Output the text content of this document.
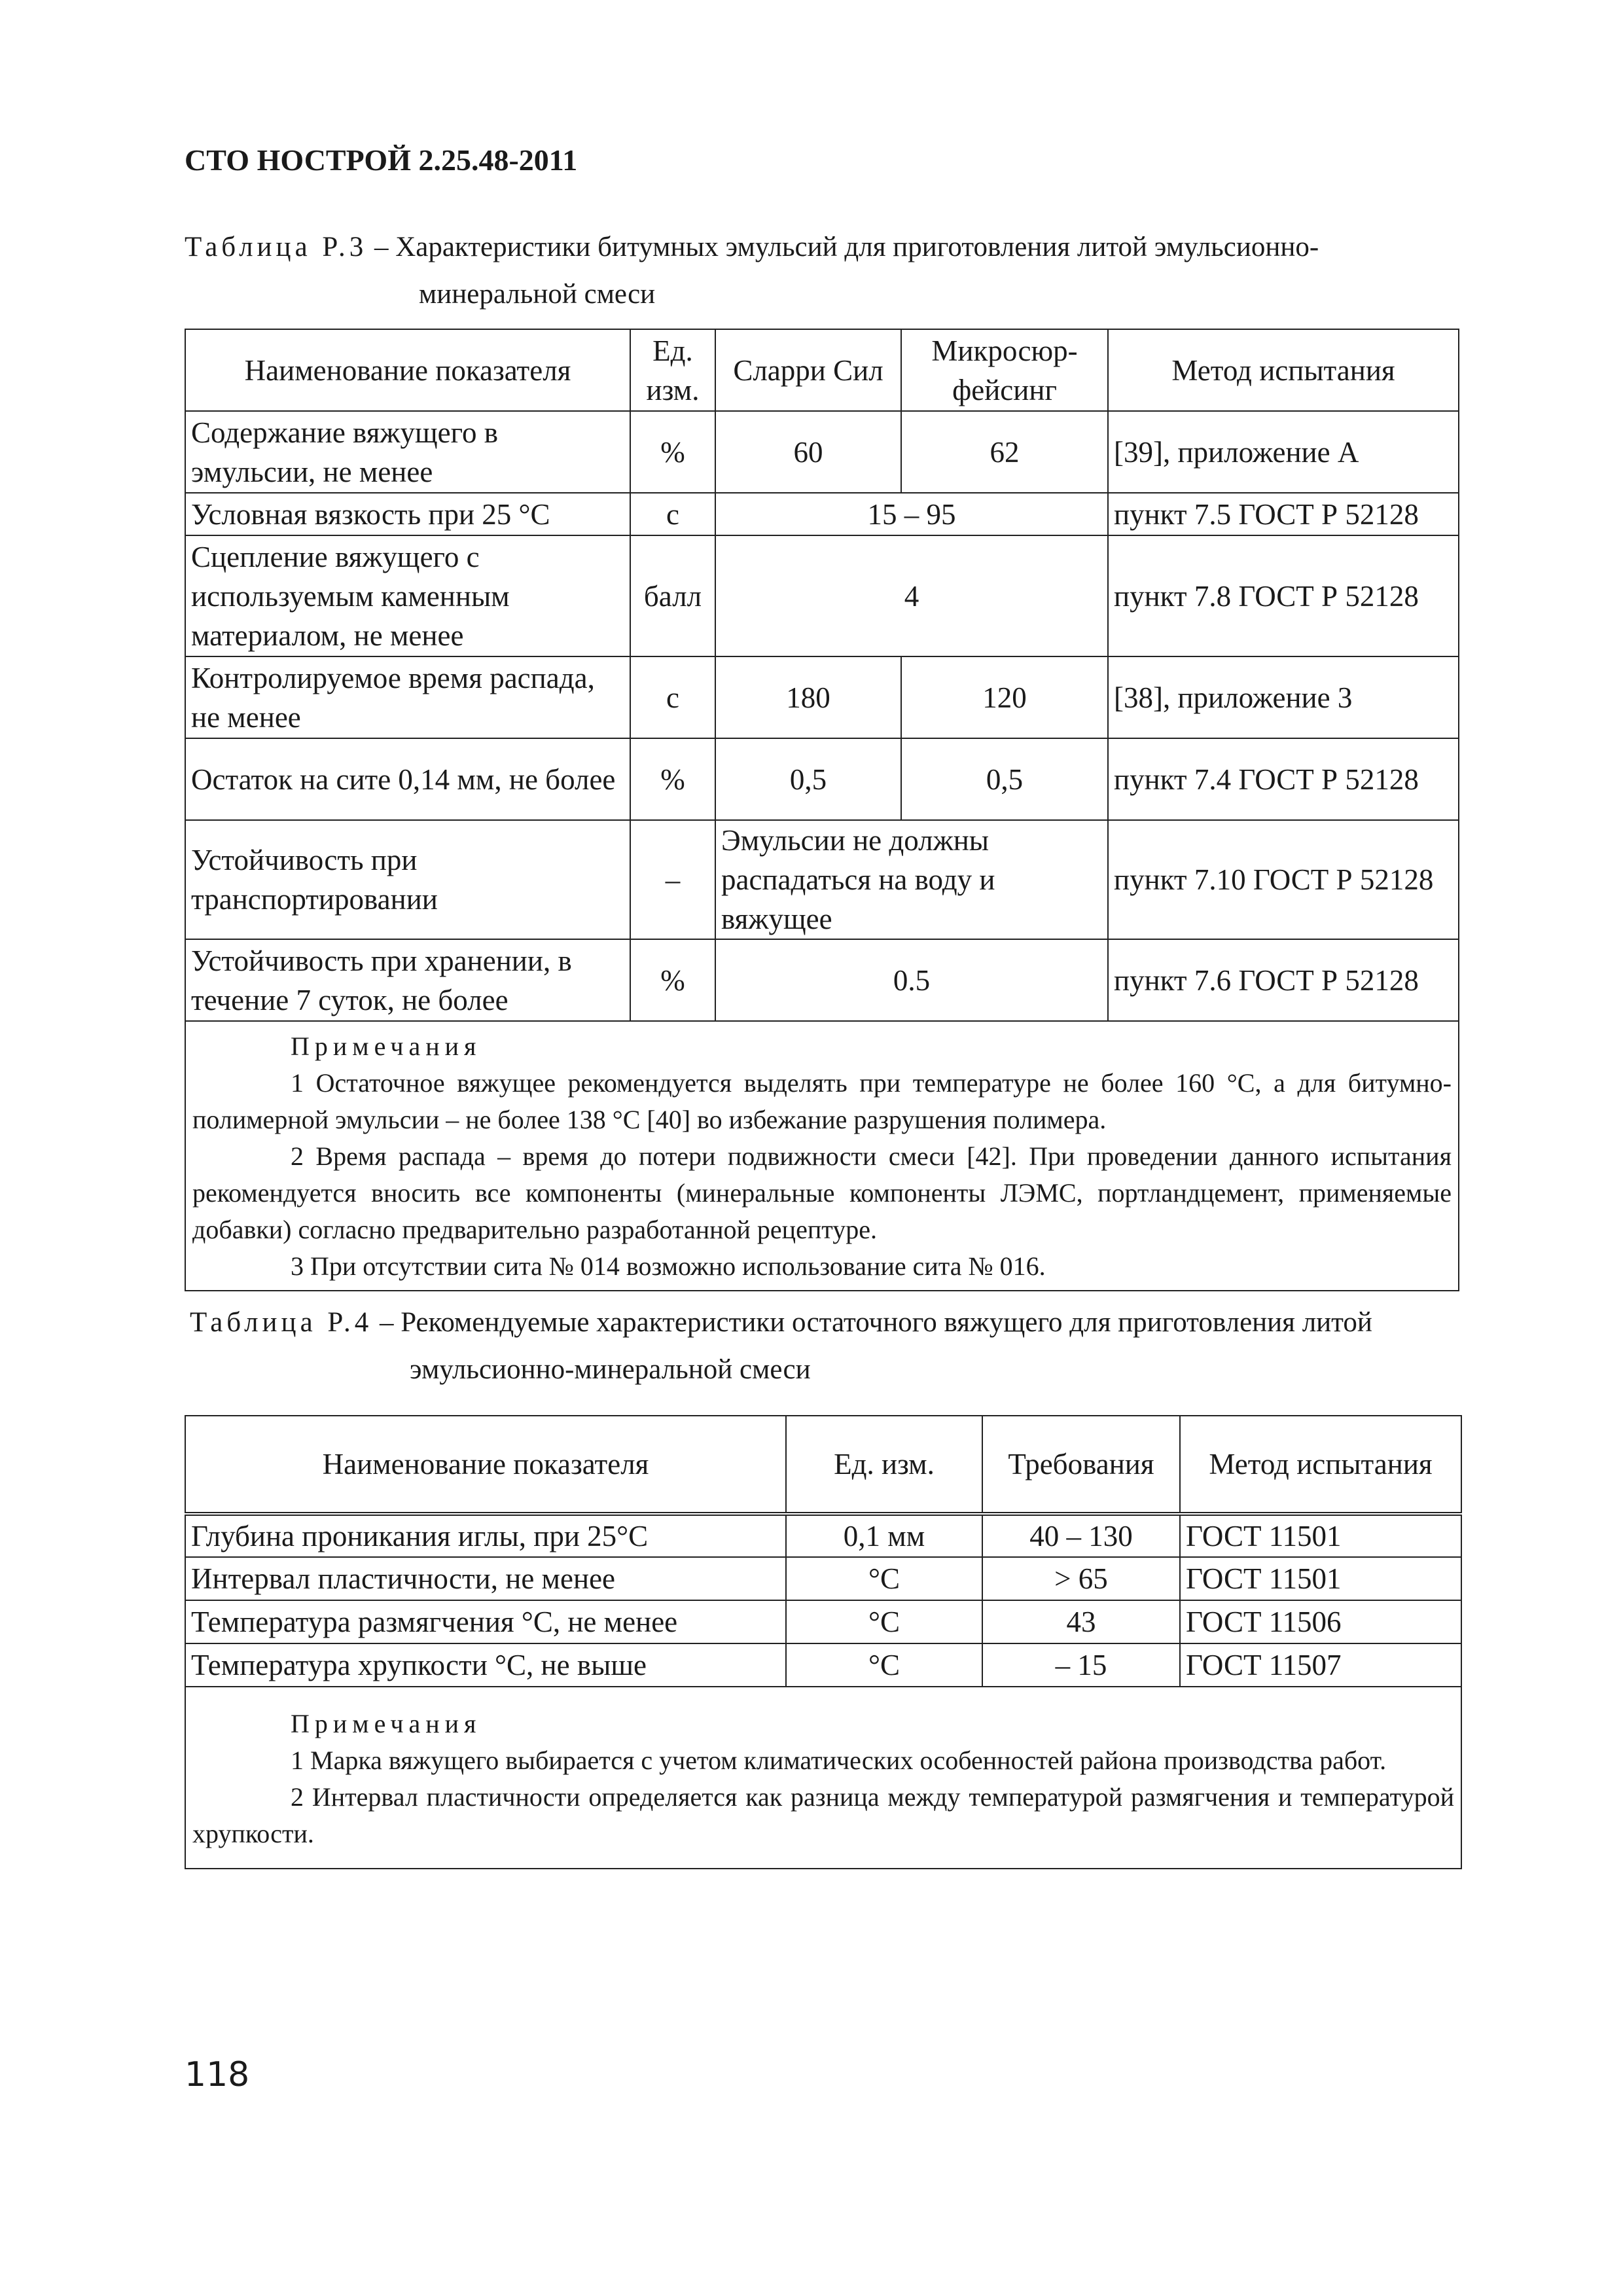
СТО НОСТРОЙ 2.25.48-2011
Таблица Р.3 – Характеристики битумных эмульсий для приготовления литой эмульсионно-
минеральной смеси
Наименование показателя	Ед. изм.	Сларри Сил	Микросюр-фейсинг	Метод испытания
Содержание вяжущего в эмульсии, не менее	%	60	62	[39], приложение А
Условная вязкость при 25 °С	с	15 – 95		пункт 7.5 ГОСТ Р 52128
Сцепление вяжущего с используемым каменным материалом, не менее	балл	4		пункт 7.8 ГОСТ Р 52128
Контролируемое время распада, не менее	с	180	120	[38], приложение 3
Остаток на сите 0,14 мм, не более	%	0,5	0,5	пункт 7.4 ГОСТ Р 52128
Устойчивость при транспортировании	–	Эмульсии не должны распадаться на воду и вяжущее		пункт 7.10 ГОСТ Р 52128
Устойчивость при хранении, в течение 7 суток, не более	%	0.5		пункт 7.6 ГОСТ Р 52128

Примечания
1 Остаточное вяжущее рекомендуется выделять при температуре не более 160 °С, а для битумно-полимерной эмульсии – не более 138 °С [40] во избежание разрушения полимера.
2 Время распада – время до потери подвижности смеси [42]. При проведении данного испытания рекомендуется вносить все компоненты (минеральные компоненты ЛЭМС, портландцемент, применяемые добавки) согласно предварительно разработанной рецептуре.
3 При отсутствии сита № 014 возможно использование сита № 016.				
Таблица Р.4 – Рекомендуемые характеристики остаточного вяжущего для приготовления литой
эмульсионно-минеральной смеси
Наименование показателя	Ед. изм.	Требования	Метод испытания
Глубина проникания иглы, при 25°С	0,1 мм	40 – 130	ГОСТ 11501
Интервал пластичности, не менее	°С	> 65	ГОСТ 11501
Температура размягчения °С, не менее	°С	43	ГОСТ 11506
Температура хрупкости °С, не выше	°С	– 15	ГОСТ 11507

Примечания
1 Марка вяжущего выбирается с учетом климатических особенностей района производства работ.
2 Интервал пластичности определяется как разница между температурой размягчения и температурой хрупкости.			
118
